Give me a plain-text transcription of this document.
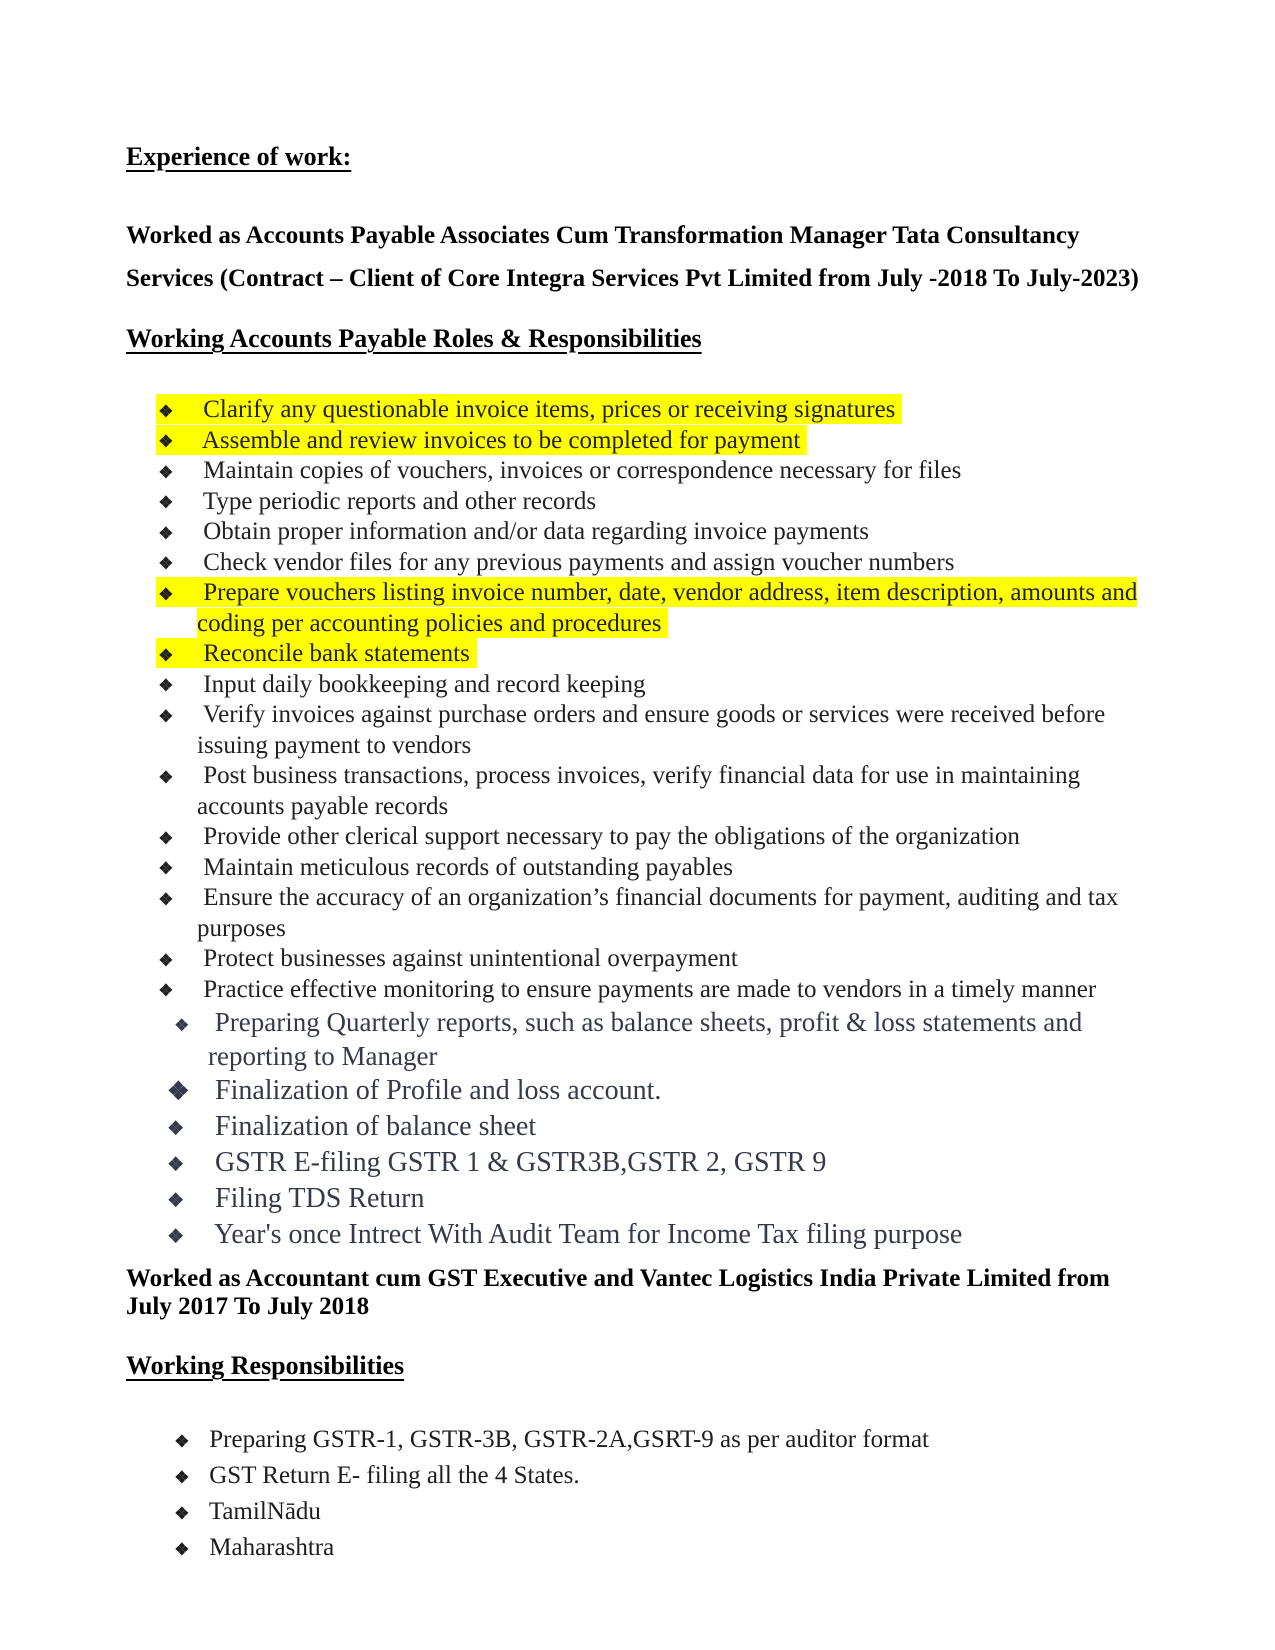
Experience of work:

Worked as Accounts Payable Associates Cum Transformation Manager Tata Consultancy Services (Contract – Client of Core Integra Services Pvt Limited from July -2018 To July-2023)

Working Accounts Payable Roles & Responsibilities
Clarify any questionable invoice items, prices or receiving signatures
Assemble and review invoices to be completed for payment
Maintain copies of vouchers, invoices or correspondence necessary for files
Type periodic reports and other records
Obtain proper information and/or data regarding invoice payments
Check vendor files for any previous payments and assign voucher numbers
Prepare vouchers listing invoice number, date, vendor address, item description, amounts and coding per accounting policies and procedures
Reconcile bank statements
Input daily bookkeeping and record keeping
Verify invoices against purchase orders and ensure goods or services were received before issuing payment to vendors
Post business transactions, process invoices, verify financial data for use in maintaining accounts payable records
Provide other clerical support necessary to pay the obligations of the organization
Maintain meticulous records of outstanding payables
Ensure the accuracy of an organization’s financial documents for payment, auditing and tax purposes
Protect businesses against unintentional overpayment
Practice effective monitoring to ensure payments are made to vendors in a timely manner
Preparing Quarterly reports, such as balance sheets, profit & loss statements and reporting to Manager
Finalization of Profile and loss account.
Finalization of balance sheet
GSTR E-filing GSTR 1 & GSTR3B,GSTR 2, GSTR 9
Filing TDS Return
Year's once Intrect With Audit Team for Income Tax filing purpose

Worked as Accountant cum GST Executive and Vantec Logistics India Private Limited from July 2017 To July 2018

Working Responsibilities
Preparing GSTR-1, GSTR-3B, GSTR-2A,GSRT-9 as per auditor format
GST Return E- filing all the 4 States.
TamilNādu
Maharashtra
